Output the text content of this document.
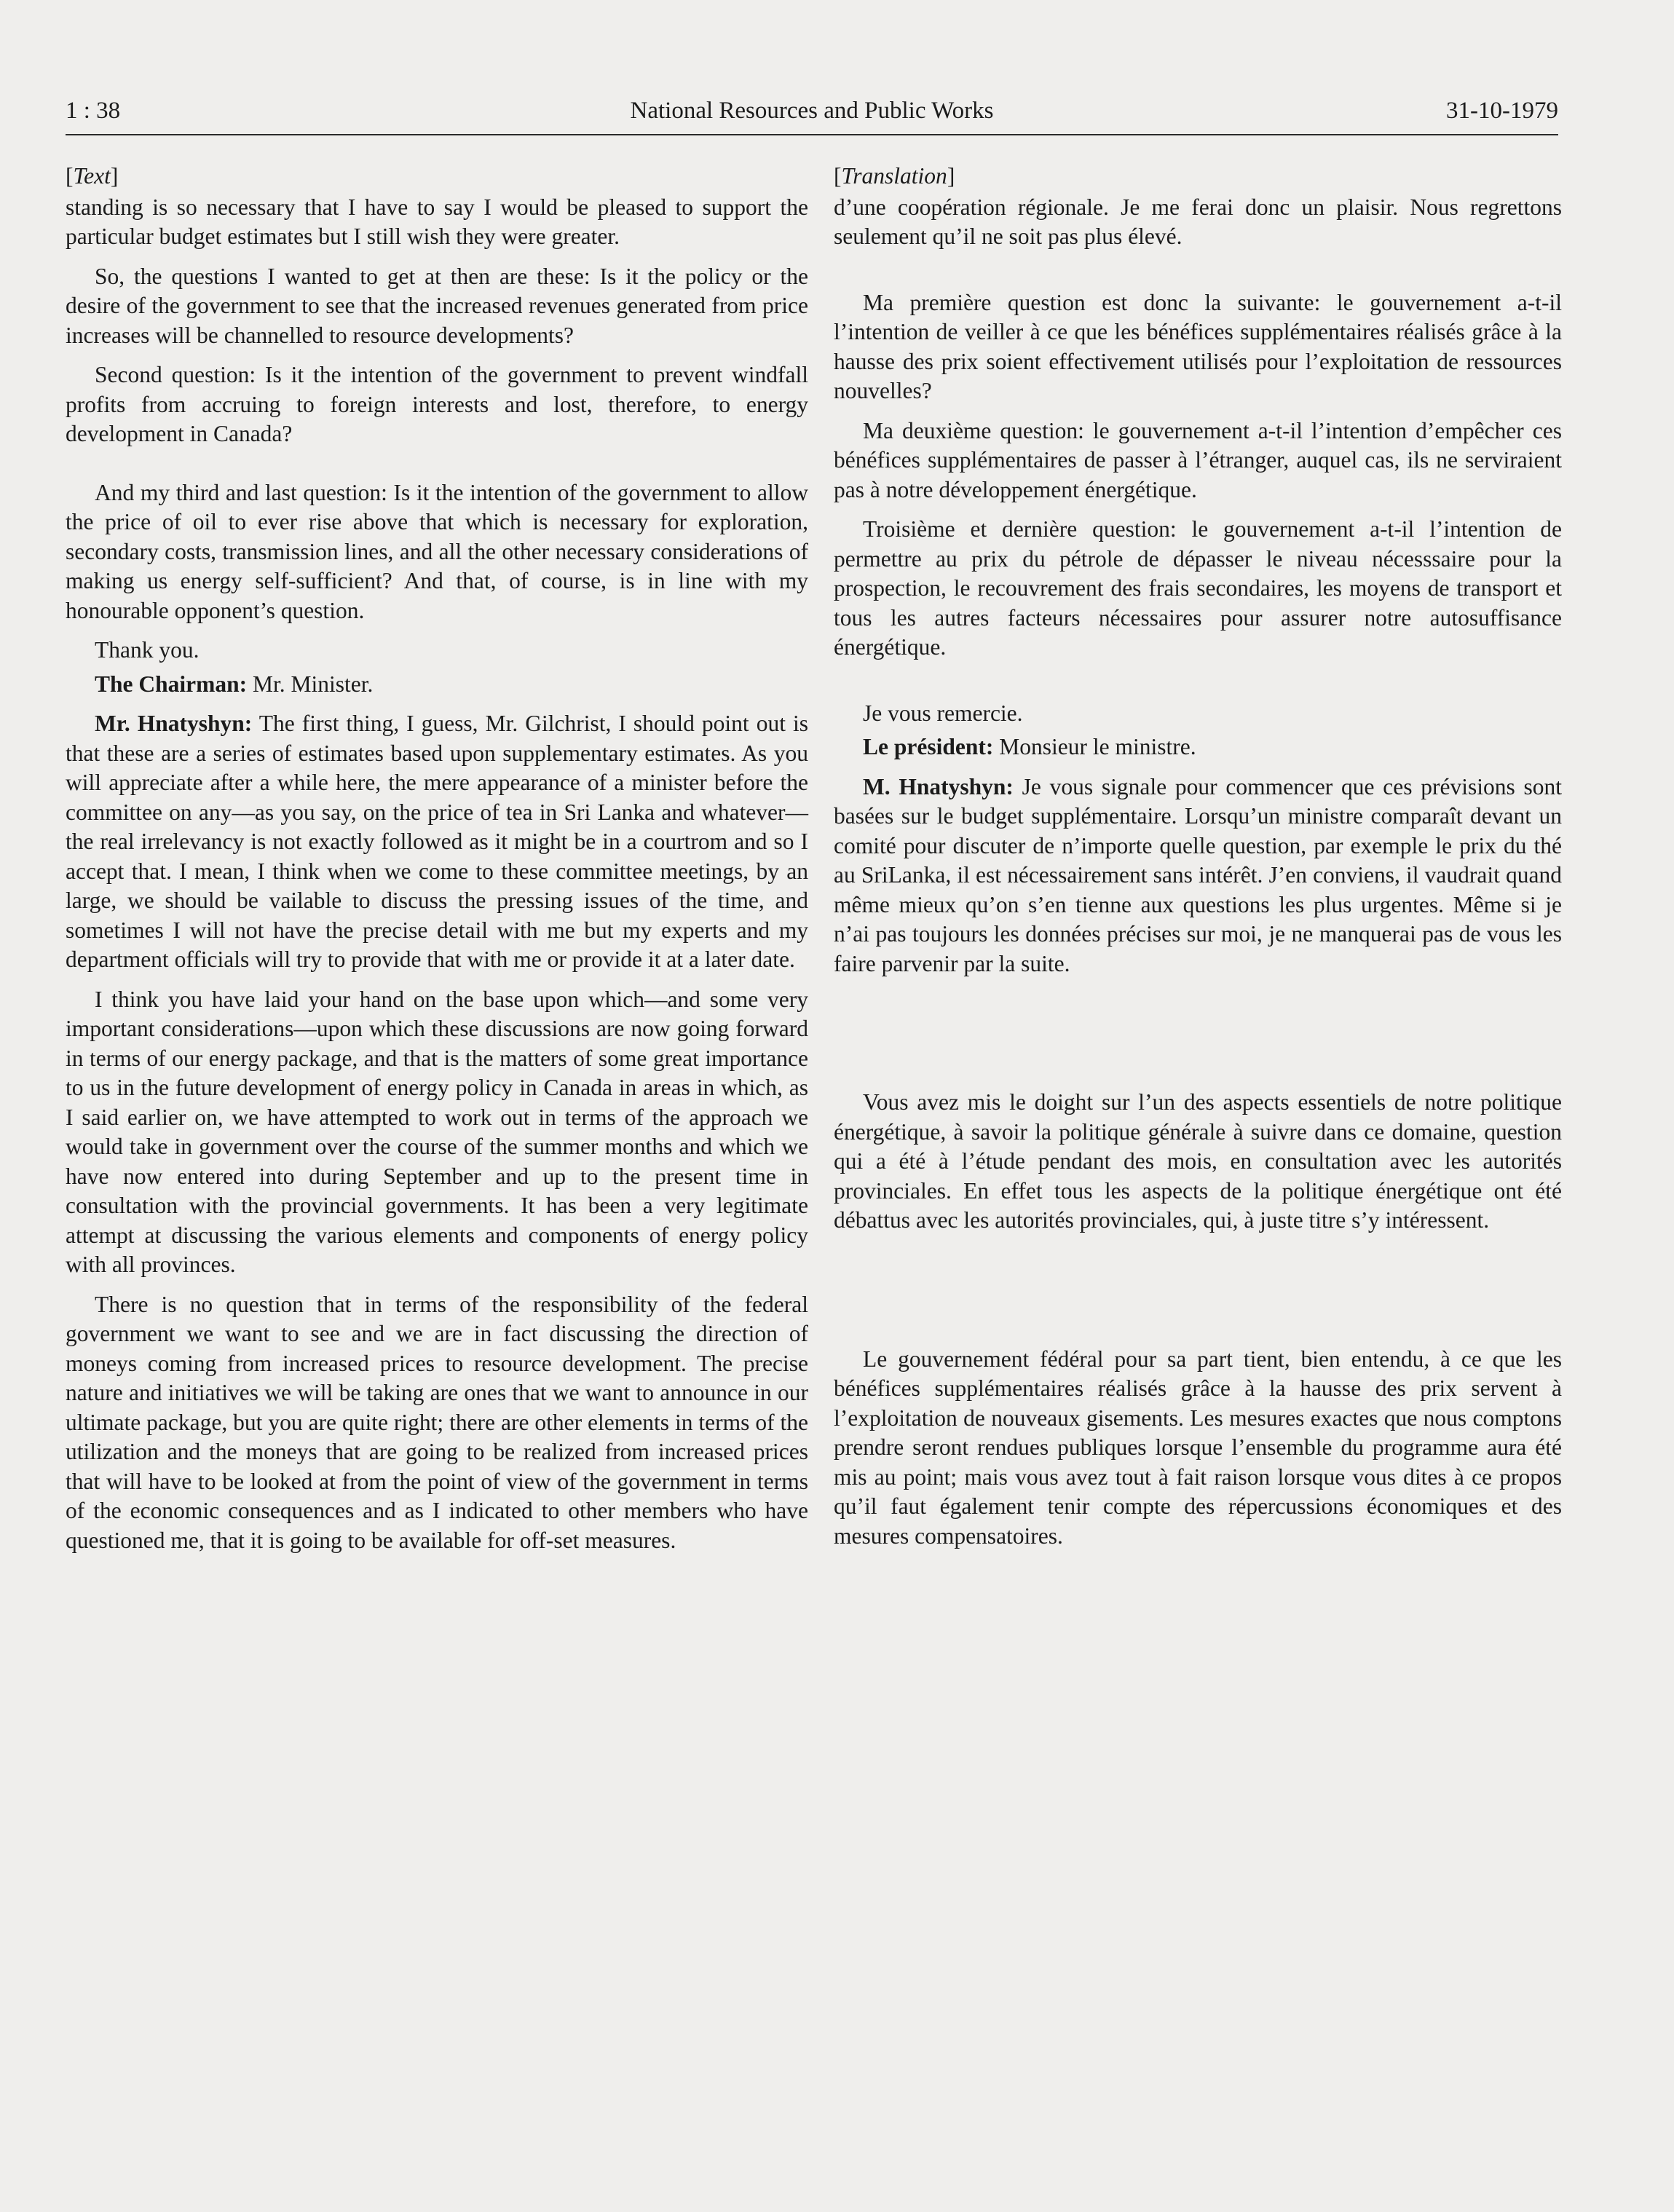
1 : 38	National Resources and Public Works	31-10-1979

[Text]

standing is so necessary that I have to say I would be pleased to support the particular budget estimates but I still wish they were greater.

So, the questions I wanted to get at then are these: Is it the policy or the desire of the government to see that the increased revenues generated from price increases will be channelled to resource developments?

Second question: Is it the intention of the government to prevent windfall profits from accruing to foreign interests and lost, therefore, to energy development in Canada?

And my third and last question: Is it the intention of the government to allow the price of oil to ever rise above that which is necessary for exploration, secondary costs, transmission lines, and all the other necessary considerations of making us energy self-sufficient? And that, of course, is in line with my honourable opponent’s question.

Thank you.

The Chairman: Mr. Minister.

Mr. Hnatyshyn: The first thing, I guess, Mr. Gilchrist, I should point out is that these are a series of estimates based upon supplementary estimates. As you will appreciate after a while here, the mere appearance of a minister before the committee on any—as you say, on the price of tea in Sri Lanka and whatever—the real irrelevancy is not exactly followed as it might be in a courtrom and so I accept that. I mean, I think when we come to these committee meetings, by an large, we should be vailable to discuss the pressing issues of the time, and sometimes I will not have the precise detail with me but my experts and my department officials will try to provide that with me or provide it at a later date.

I think you have laid your hand on the base upon which—and some very important considerations—upon which these discussions are now going forward in terms of our energy package, and that is the matters of some great importance to us in the future development of energy policy in Canada in areas in which, as I said earlier on, we have attempted to work out in terms of the approach we would take in government over the course of the summer months and which we have now entered into during September and up to the present time in consultation with the provincial governments. It has been a very legitimate attempt at discussing the various elements and components of energy policy with all provinces.

There is no question that in terms of the responsibility of the federal government we want to see and we are in fact discussing the direction of moneys coming from increased prices to resource development. The precise nature and initiatives we will be taking are ones that we want to announce in our ultimate package, but you are quite right; there are other elements in terms of the utilization and the moneys that are going to be realized from increased prices that will have to be looked at from the point of view of the government in terms of the economic consequences and as I indicated to other members who have questioned me, that it is going to be available for off-set measures.

[Translation]

d’une coopération régionale. Je me ferai donc un plaisir. Nous regrettons seulement qu’il ne soit pas plus élevé.

Ma première question est donc la suivante: le gouvernement a-t-il l’intention de veiller à ce que les bénéfices supplémentaires réalisés grâce à la hausse des prix soient effectivement utilisés pour l’exploitation de ressources nouvelles?

Ma deuxième question: le gouvernement a-t-il l’intention d’empêcher ces bénéfices supplémentaires de passer à l’étranger, auquel cas, ils ne serviraient pas à notre développement énergétique.

Troisième et dernière question: le gouvernement a-t-il l’intention de permettre au prix du pétrole de dépasser le niveau nécesssaire pour la prospection, le recouvrement des frais secondaires, les moyens de transport et tous les autres facteurs nécessaires pour assurer notre autosuffisance énergétique.

Je vous remercie.

Le président: Monsieur le ministre.

M. Hnatyshyn: Je vous signale pour commencer que ces prévisions sont basées sur le budget supplémentaire. Lorsqu’un ministre comparaît devant un comité pour discuter de n’importe quelle question, par exemple le prix du thé au SriLanka, il est nécessairement sans intérêt. J’en conviens, il vaudrait quand même mieux qu’on s’en tienne aux questions les plus urgentes. Même si je n’ai pas toujours les données précises sur moi, je ne manquerai pas de vous les faire parvenir par la suite.

Vous avez mis le doight sur l’un des aspects essentiels de notre politique énergétique, à savoir la politique générale à suivre dans ce domaine, question qui a été à l’étude pendant des mois, en consultation avec les autorités provinciales. En effet tous les aspects de la politique énergétique ont été débattus avec les autorités provinciales, qui, à juste titre s’y intéressent.

Le gouvernement fédéral pour sa part tient, bien entendu, à ce que les bénéfices supplémentaires réalisés grâce à la hausse des prix servent à l’exploitation de nouveaux gisements. Les mesures exactes que nous comptons prendre seront rendues publiques lorsque l’ensemble du programme aura été mis au point; mais vous avez tout à fait raison lorsque vous dites à ce propos qu’il faut également tenir compte des répercussions économiques et des mesures compensatoires.
